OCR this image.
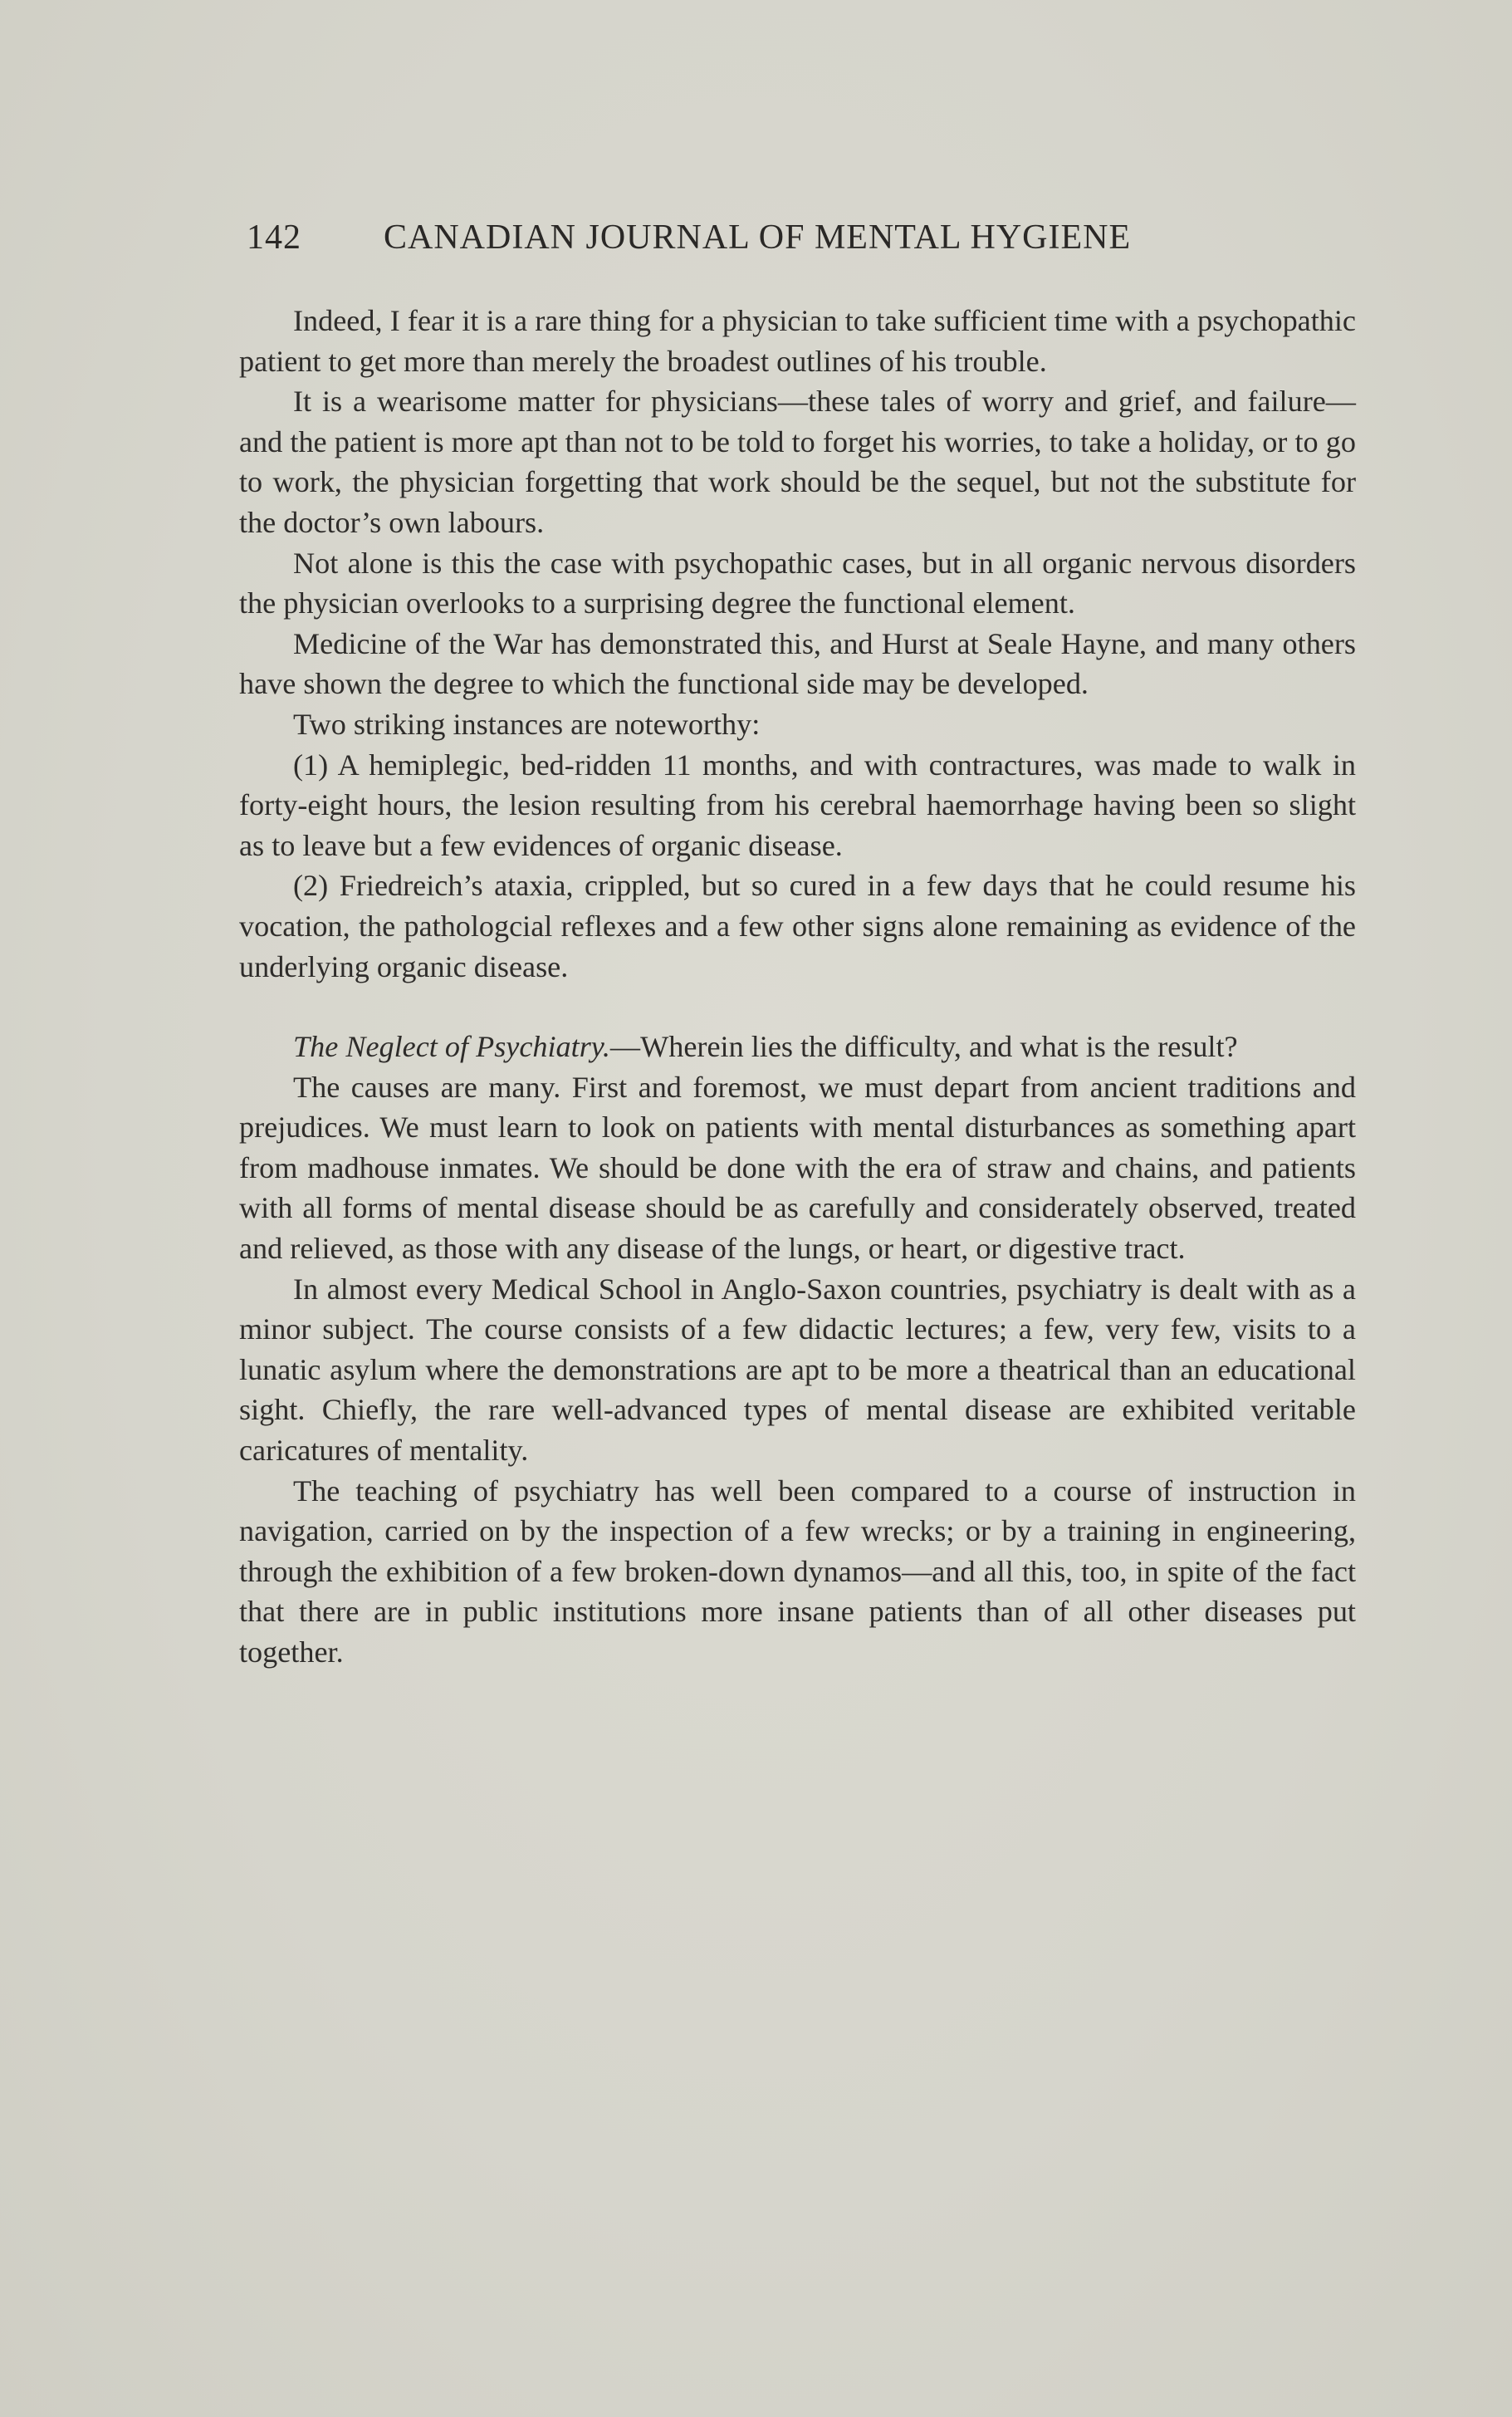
142 CANADIAN JOURNAL OF MENTAL HYGIENE

Indeed, I fear it is a rare thing for a physician to take sufficient time with a psychopathic patient to get more than merely the broadest outlines of his trouble.

It is a wearisome matter for physicians—these tales of worry and grief, and failure—and the patient is more apt than not to be told to forget his worries, to take a holiday, or to go to work, the physician forgetting that work should be the sequel, but not the substitute for the doctor’s own labours.

Not alone is this the case with psychopathic cases, but in all organic nervous disorders the physician overlooks to a surprising degree the functional element.

Medicine of the War has demonstrated this, and Hurst at Seale Hayne, and many others have shown the degree to which the functional side may be developed.

Two striking instances are noteworthy:

(1) A hemiplegic, bed-ridden 11 months, and with contractures, was made to walk in forty-eight hours, the lesion resulting from his cerebral haemorrhage having been so slight as to leave but a few evidences of organic disease.

(2) Friedreich’s ataxia, crippled, but so cured in a few days that he could resume his vocation, the pathologcial reflexes and a few other signs alone remaining as evidence of the underlying organic disease.

The Neglect of Psychiatry.—Wherein lies the difficulty, and what is the result?

The causes are many. First and foremost, we must depart from ancient traditions and prejudices. We must learn to look on patients with mental disturbances as something apart from madhouse inmates. We should be done with the era of straw and chains, and patients with all forms of mental disease should be as carefully and considerately observed, treated and relieved, as those with any disease of the lungs, or heart, or digestive tract.

In almost every Medical School in Anglo-Saxon countries, psychiatry is dealt with as a minor subject. The course consists of a few didactic lectures; a few, very few, visits to a lunatic asylum where the demonstrations are apt to be more a theatrical than an educational sight. Chiefly, the rare well-advanced types of mental disease are exhibited veritable caricatures of mentality.

The teaching of psychiatry has well been compared to a course of instruction in navigation, carried on by the inspection of a few wrecks; or by a training in engineering, through the exhibition of a few broken-down dynamos—and all this, too, in spite of the fact that there are in public institutions more insane patients than of all other diseases put together.
